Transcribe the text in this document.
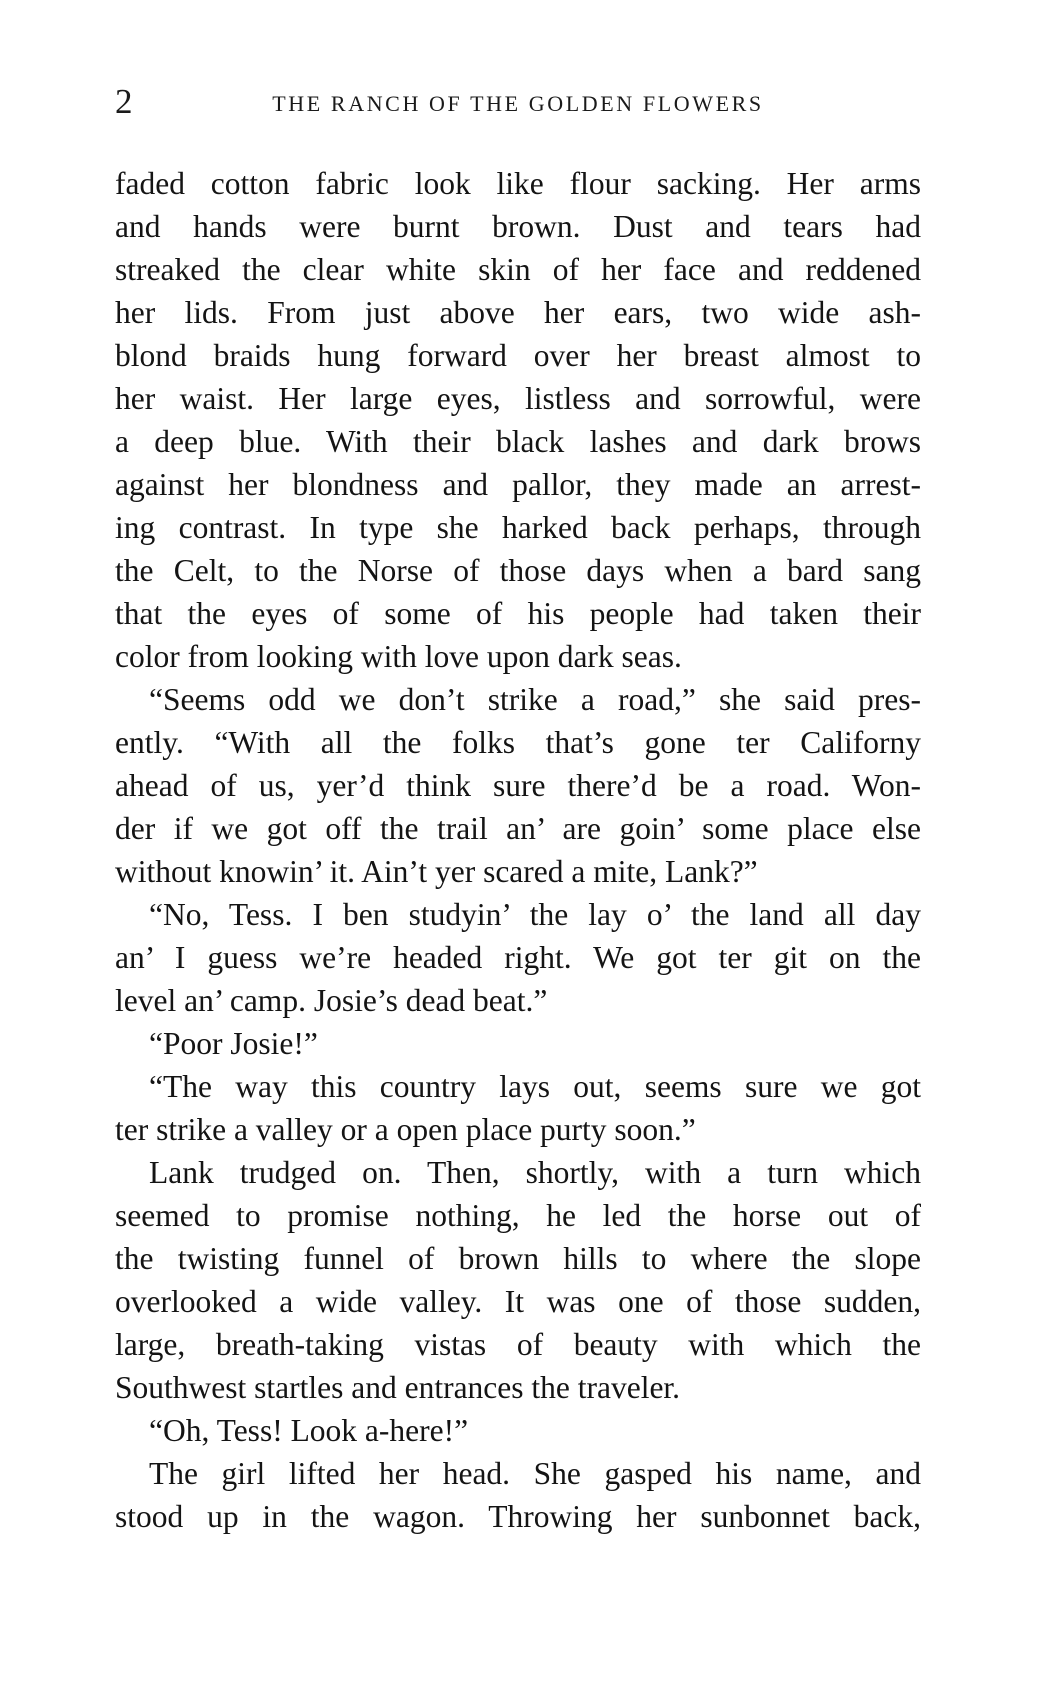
2	THE RANCH OF THE GOLDEN FLOWERS
faded cotton fabric look like flour sacking. Her arms
and hands were burnt brown. Dust and tears had
streaked the clear white skin of her face and reddened
her lids. From just above her ears, two wide ash-
blond braids hung forward over her breast almost to
her waist. Her large eyes, listless and sorrowful, were
a deep blue. With their black lashes and dark brows
against her blondness and pallor, they made an arrest-
ing contrast. In type she harked back perhaps, through
the Celt, to the Norse of those days when a bard sang
that the eyes of some of his people had taken their
color from looking with love upon dark seas.
“Seems odd we don’t strike a road,” she said pres-
ently. “With all the folks that’s gone ter Californy
ahead of us, yer’d think sure there’d be a road. Won-
der if we got off the trail an’ are goin’ some place else
without knowin’ it. Ain’t yer scared a mite, Lank?”
“No, Tess. I ben studyin’ the lay o’ the land all day
an’ I guess we’re headed right. We got ter git on the
level an’ camp. Josie’s dead beat.”
“Poor Josie!”
“The way this country lays out, seems sure we got
ter strike a valley or a open place purty soon.”
Lank trudged on. Then, shortly, with a turn which
seemed to promise nothing, he led the horse out of
the twisting funnel of brown hills to where the slope
overlooked a wide valley. It was one of those sudden,
large, breath-taking vistas of beauty with which the
Southwest startles and entrances the traveler.
“Oh, Tess! Look a-here!”
The girl lifted her head. She gasped his name, and
stood up in the wagon. Throwing her sunbonnet back,
